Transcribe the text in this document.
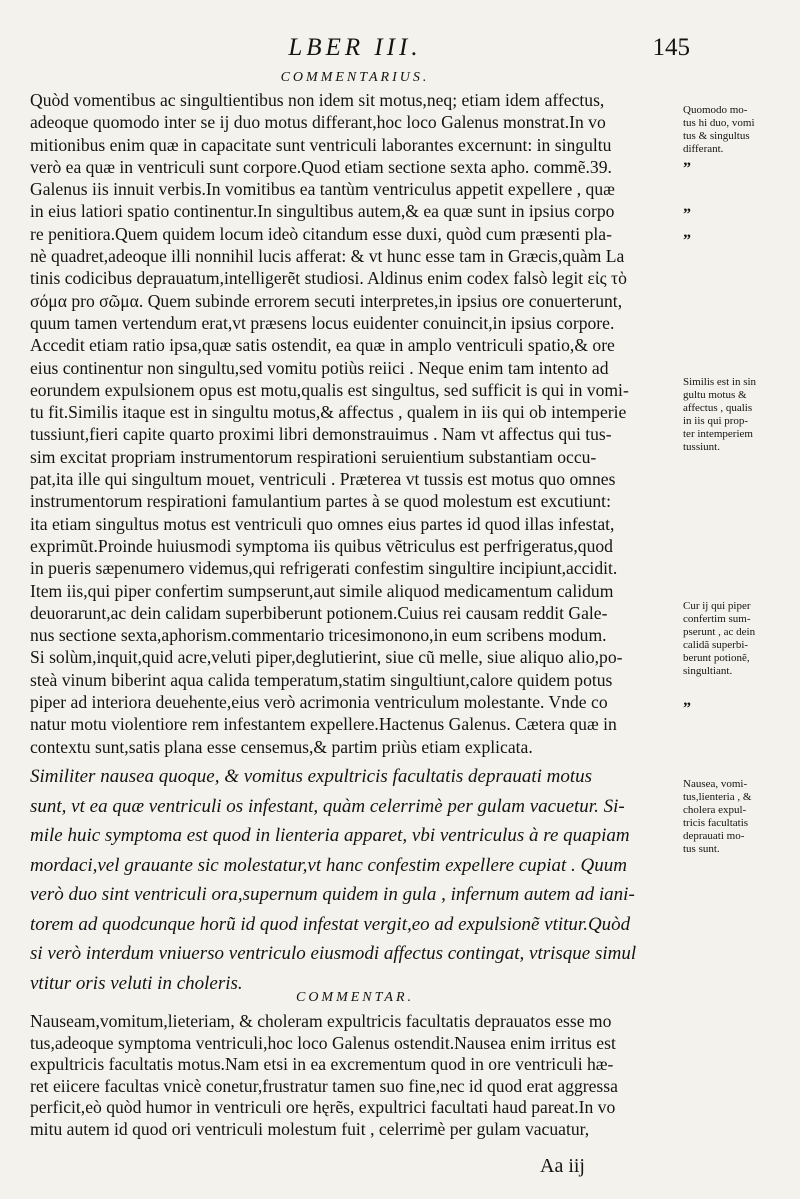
LBER III.	145
COMMENTARIUS.
Quòd vomentibus ac singultientibus non idem sit motus,neq; etiam idem affectus,
adeoque quomodo inter se ij duo motus differant,hoc loco Galenus monstrat.In vo
mitionibus enim quæ in capacitate sunt ventriculi laborantes excernunt: in singultu
verò ea quæ in ventriculi sunt corpore.Quod etiam sectione sexta apho. commẽ.39.
Galenus iis innuit verbis.In vomitibus ea tantùm ventriculus appetit expellere , quæ
in eius latiori spatio continentur.In singultibus autem,& ea quæ sunt in ipsius corpo
re penitiora.Quem quidem locum ideò citandum esse duxi, quòd cum præsenti pla-
nè quadret,adeoque illi nonnihil lucis afferat: & vt hunc esse tam in Græcis,quàm La
tinis codicibus deprauatum,intelligerẽt studiosi. Aldinus enim codex falsò legit εἰς τὸ
σόμα pro σῶμα. Quem subinde errorem secuti interpretes,in ipsius ore conuerterunt,
quum tamen vertendum erat,vt præsens locus euidenter conuincit,in ipsius corpore.
Accedit etiam ratio ipsa,quæ satis ostendit, ea quæ in amplo ventriculi spatio,& ore
eius continentur non singultu,sed vomitu potiùs reiici . Neque enim tam intento ad
eorundem expulsionem opus est motu,qualis est singultus, sed sufficit is qui in vomi-
tu fit.Similis itaque est in singultu motus,& affectus , qualem in iis qui ob intemperie
tussiunt,fieri capite quarto proximi libri demonstrauimus . Nam vt affectus qui tus-
sim excitat propriam instrumentorum respirationi seruientium substantiam occu-
pat,ita ille qui singultum mouet, ventriculi . Præterea vt tussis est motus quo omnes
instrumentorum respirationi famulantium partes à se quod molestum est excutiunt:
ita etiam singultus motus est ventriculi quo omnes eius partes id quod illas infestat,
exprimũt.Proinde huiusmodi symptoma iis quibus vẽtriculus est perfrigeratus,quod
in pueris sæpenumero videmus,qui refrigerati confestim singultire incipiunt,accidit.
Item iis,qui piper confertim sumpserunt,aut simile aliquod medicamentum calidum
deuorarunt,ac dein calidam superbiberunt potionem.Cuius rei causam reddit Gale-
nus sectione sexta,aphorism.commentario tricesimonono,in eum scribens modum.
Si solùm,inquit,quid acre,veluti piper,deglutierint, siue cũ melle, siue aliquo alio,po-
steà vinum biberint aqua calida temperatum,statim singultiunt,calore quidem potus
piper ad interiora deuehente,eius verò acrimonia ventriculum molestante. Vnde co
natur motu violentiore rem infestantem expellere.Hactenus Galenus. Cætera quæ in
contextu sunt,satis plana esse censemus,& partim priùs etiam explicata.
Similiter nausea quoque, & vomitus expultricis facultatis deprauati motus
sunt, vt ea quæ ventriculi os infestant, quàm celerrimè per gulam vacuetur. Si-
mile huic symptoma est quod in lienteria apparet, vbi ventriculus à re quapiam
mordaci,vel grauante sic molestatur,vt hanc confestim expellere cupiat . Quum
verò duo sint ventriculi ora,supernum quidem in gula , infernum autem ad iani-
torem ad quodcunque horũ id quod infestat vergit,eo ad expulsionẽ vtitur.Quòd
si verò interdum vniuerso ventriculo eiusmodi affectus contingat, vtrisque simul
vtitur oris veluti in choleris.
COMMENTAR.
Nauseam,vomitum,lieteriam, & choleram expultricis facultatis deprauatos esse mo
tus,adeoque symptoma ventriculi,hoc loco Galenus ostendit.Nausea enim irritus est
expultricis facultatis motus.Nam etsi in ea excrementum quod in ore ventriculi hæ-
ret eiicere facultas vnicè conetur,frustratur tamen suo fine,nec id quod erat aggressa
perficit,eò quòd humor in ventriculi ore hęrẽs, expultrici facultati haud pareat.In vo
mitu autem id quod ori ventriculi molestum fuit , celerrimè per gulam vacuatur,
Quomodo mo-
tus hi duo, vomi
tus & singultus
differant.
Similis est in sin
gultu motus &
affectus , qualis
in iis qui prop-
ter intemperiem
tussiunt.
Cur ij qui piper
confertim sum-
pserunt , ac dein
calidã superbi-
berunt potionẽ,
singultiant.
Nausea, vomi-
tus,lienteria , &
cholera expul-
tricis facultatis
deprauati mo-
tus sunt.
”
”
”
”
Aa iij
